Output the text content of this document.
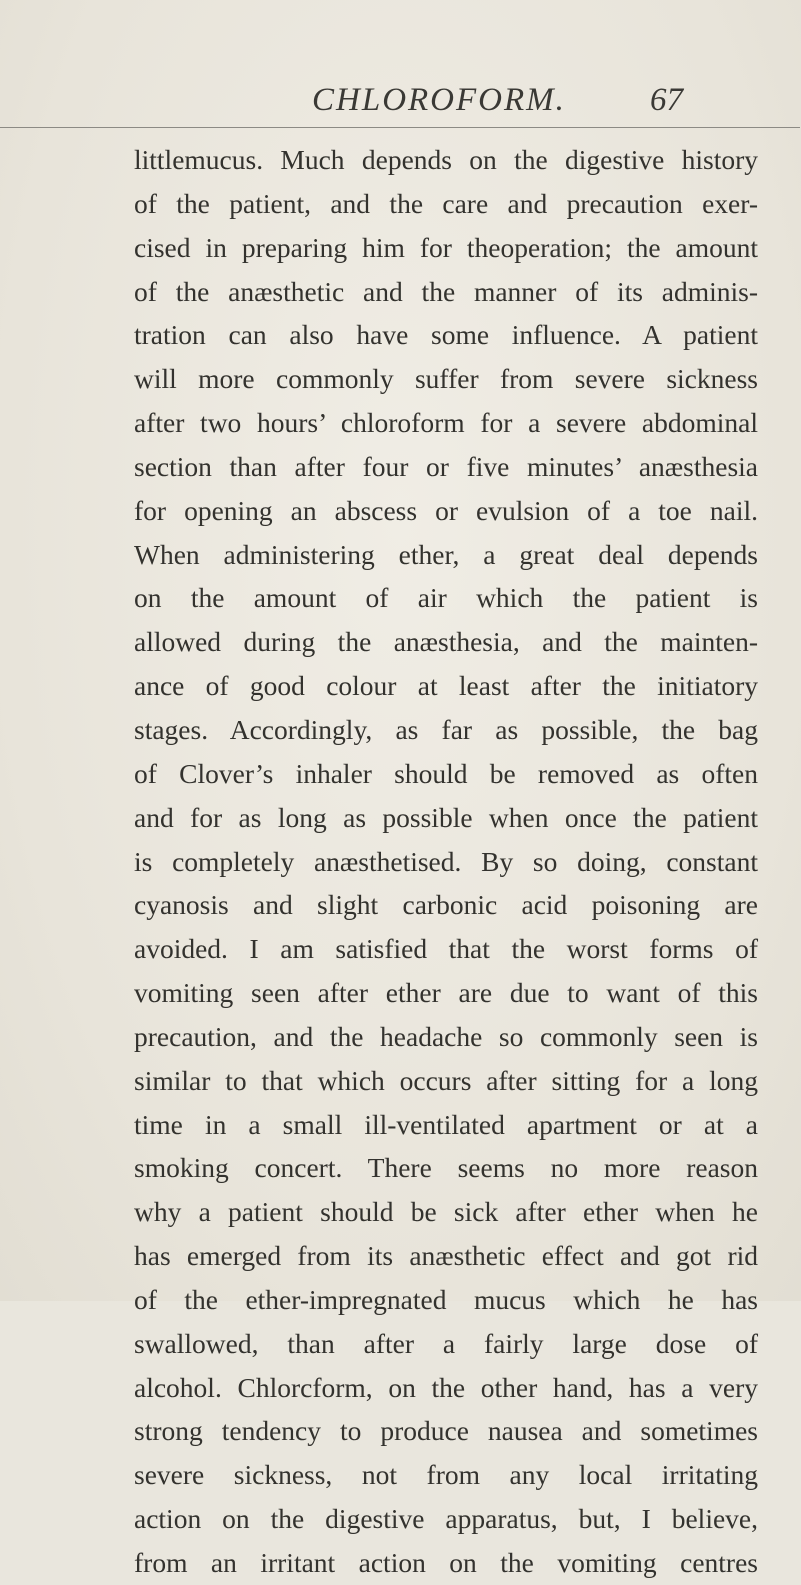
CHLOROFORM.	67
littlemucus. Much depends on the digestive history
of the patient, and the care and precaution exer-
cised in preparing him for theoperation; the amount
of the anæsthetic and the manner of its adminis-
tration can also have some influence. A patient
will more commonly suffer from severe sickness
after two hours’ chloroform for a severe abdominal
section than after four or five minutes’ anæsthesia
for opening an abscess or evulsion of a toe nail.
When administering ether, a great deal depends
on the amount of air which the patient is
allowed during the anæsthesia, and the mainten-
ance of good colour at least after the initiatory
stages. Accordingly, as far as possible, the bag
of Clover’s inhaler should be removed as often
and for as long as possible when once the patient
is completely anæsthetised. By so doing, constant
cyanosis and slight carbonic acid poisoning are
avoided. I am satisfied that the worst forms of
vomiting seen after ether are due to want of this
precaution, and the headache so commonly seen is
similar to that which occurs after sitting for a long
time in a small ill-ventilated apartment or at a
smoking concert. There seems no more reason
why a patient should be sick after ether when he
has emerged from its anæsthetic effect and got rid
of the ether-impregnated mucus which he has
swallowed, than after a fairly large dose of
alcohol. Chlorcform, on the other hand, has a very
strong tendency to produce nausea and sometimes
severe sickness, not from any local irritating
action on the digestive apparatus, but, I believe,
from an irritant action on the vomiting centres
